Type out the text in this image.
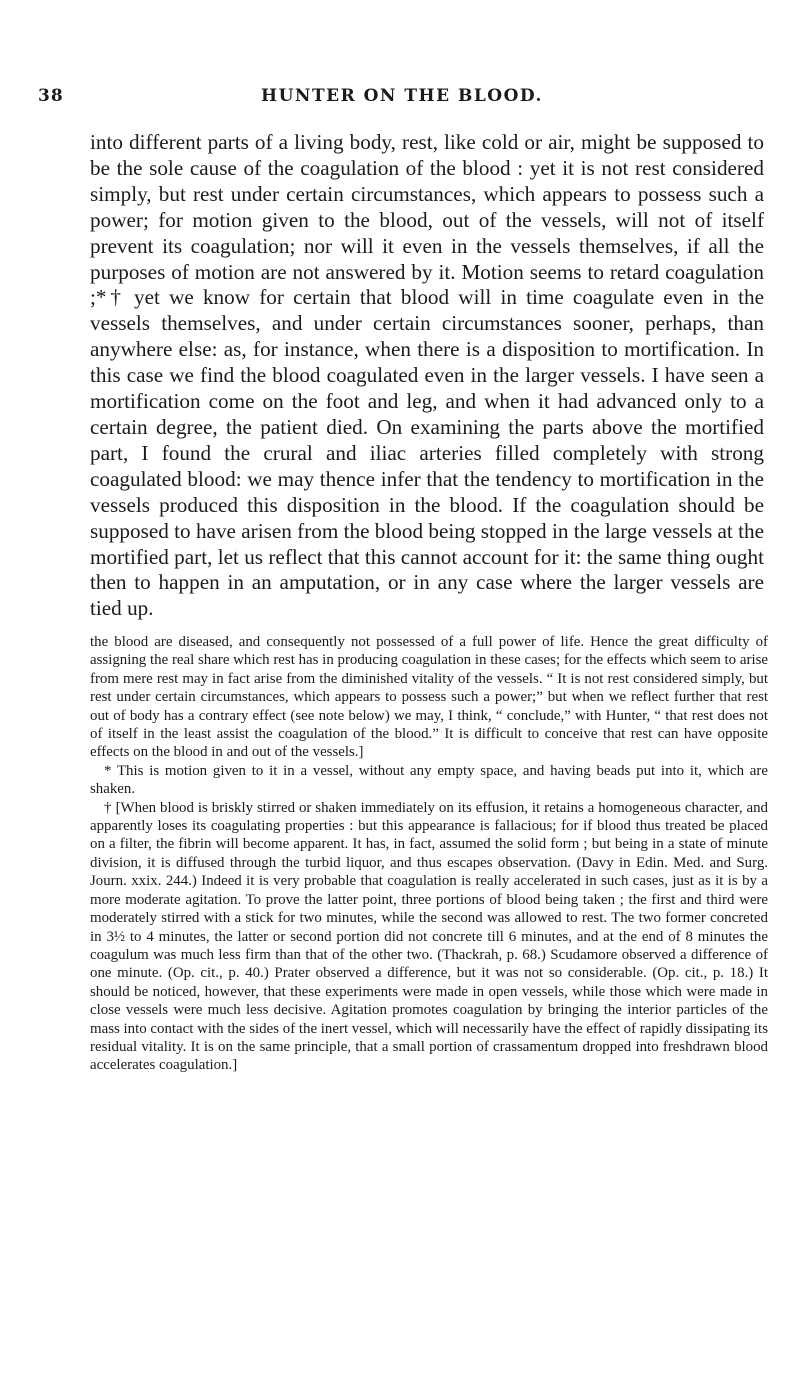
38	HUNTER ON THE BLOOD.

into different parts of a living body, rest, like cold or air, might be supposed to be the sole cause of the coagulation of the blood : yet it is not rest considered simply, but rest under certain circumstances, which appears to possess such a power; for motion given to the blood, out of the vessels, will not of itself prevent its coagulation; nor will it even in the vessels themselves, if all the purposes of motion are not answered by it. Motion seems to retard coagulation ;*† yet we know for certain that blood will in time coagulate even in the vessels themselves, and under certain circumstances sooner, perhaps, than anywhere else: as, for instance, when there is a disposition to mortification. In this case we find the blood coagulated even in the larger vessels. I have seen a mortification come on the foot and leg, and when it had advanced only to a certain degree, the patient died. On examining the parts above the mortified part, I found the crural and iliac arteries filled completely with strong coagulated blood: we may thence infer that the tendency to mortification in the vessels produced this disposition in the blood. If the coagulation should be supposed to have arisen from the blood being stopped in the large vessels at the mortified part, let us reflect that this cannot account for it: the same thing ought then to happen in an amputation, or in any case where the larger vessels are tied up.

the blood are diseased, and consequently not possessed of a full power of life. Hence the great difficulty of assigning the real share which rest has in producing coagulation in these cases; for the effects which seem to arise from mere rest may in fact arise from the diminished vitality of the vessels. “ It is not rest considered simply, but rest under certain circumstances, which appears to possess such a power;” but when we reflect further that rest out of body has a contrary effect (see note below) we may, I think, “ conclude,” with Hunter, “ that rest does not of itself in the least assist the coagulation of the blood.” It is difficult to conceive that rest can have opposite effects on the blood in and out of the vessels.]

* This is motion given to it in a vessel, without any empty space, and having beads put into it, which are shaken.

† [When blood is briskly stirred or shaken immediately on its effusion, it retains a homogeneous character, and apparently loses its coagulating properties : but this appearance is fallacious; for if blood thus treated be placed on a filter, the fibrin will become apparent. It has, in fact, assumed the solid form ; but being in a state of minute division, it is diffused through the turbid liquor, and thus escapes observation. (Davy in Edin. Med. and Surg. Journ. xxix. 244.) Indeed it is very probable that coagulation is really accelerated in such cases, just as it is by a more moderate agitation. To prove the latter point, three portions of blood being taken ; the first and third were moderately stirred with a stick for two minutes, while the second was allowed to rest. The two former concreted in 3½ to 4 minutes, the latter or second portion did not concrete till 6 minutes, and at the end of 8 minutes the coagulum was much less firm than that of the other two. (Thackrah, p. 68.) Scudamore observed a difference of one minute. (Op. cit., p. 40.) Prater observed a difference, but it was not so considerable. (Op. cit., p. 18.) It should be noticed, however, that these experiments were made in open vessels, while those which were made in close vessels were much less decisive. Agitation promotes coagulation by bringing the interior particles of the mass into contact with the sides of the inert vessel, which will necessarily have the effect of rapidly dissipating its residual vitality. It is on the same principle, that a small portion of crassamentum dropped into freshdrawn blood accelerates coagulation.]
